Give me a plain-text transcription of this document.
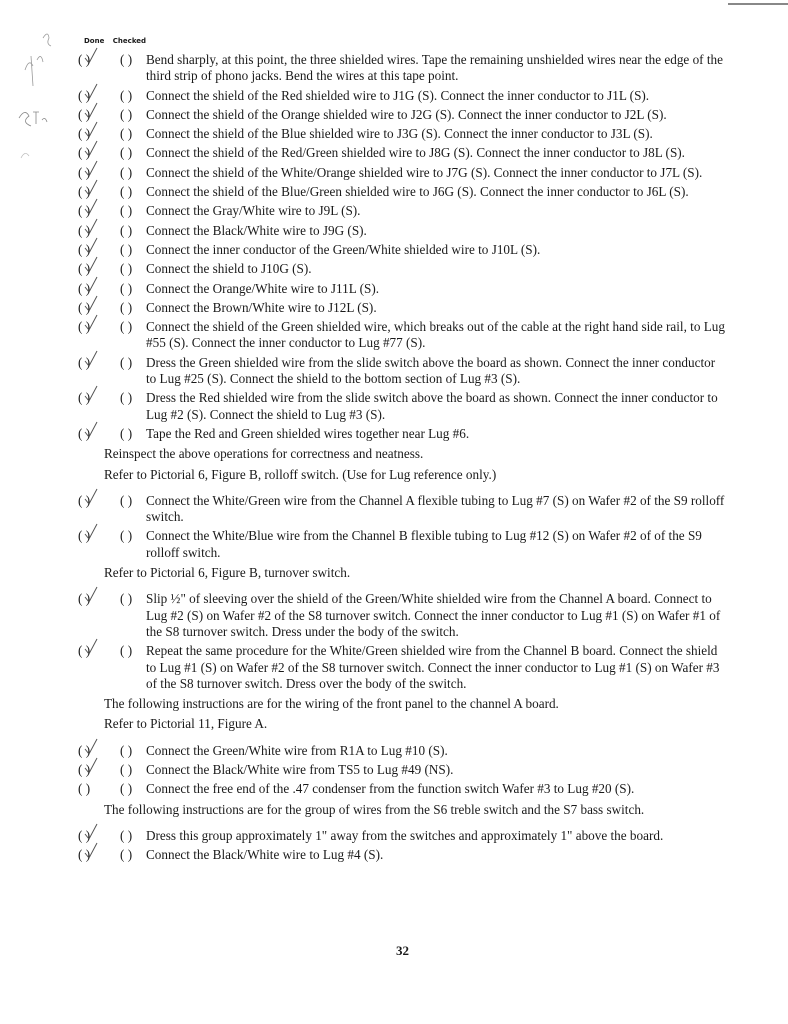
Done Checked
( ) ( ) Bend sharply, at this point, the three shielded wires. Tape the remaining unshielded wires near the edge of the third strip of phono jacks. Bend the wires at this tape point.
( ) ( ) Connect the shield of the Red shielded wire to J1G (S). Connect the inner conductor to J1L (S).
( ) ( ) Connect the shield of the Orange shielded wire to J2G (S). Connect the inner conductor to J2L (S).
( ) ( ) Connect the shield of the Blue shielded wire to J3G (S). Connect the inner conductor to J3L (S).
( ) ( ) Connect the shield of the Red/Green shielded wire to J8G (S). Connect the inner conductor to J8L (S).
( ) ( ) Connect the shield of the White/Orange shielded wire to J7G (S). Connect the inner conductor to J7L (S).
( ) ( ) Connect the shield of the Blue/Green shielded wire to J6G (S). Connect the inner conductor to J6L (S).
( ) ( ) Connect the Gray/White wire to J9L (S).
( ) ( ) Connect the Black/White wire to J9G (S).
( ) ( ) Connect the inner conductor of the Green/White shielded wire to J10L (S).
( ) ( ) Connect the shield to J10G (S).
( ) ( ) Connect the Orange/White wire to J11L (S).
( ) ( ) Connect the Brown/White wire to J12L (S).
( ) ( ) Connect the shield of the Green shielded wire, which breaks out of the cable at the right hand side rail, to Lug #55 (S). Connect the inner conductor to Lug #77 (S).
( ) ( ) Dress the Green shielded wire from the slide switch above the board as shown. Connect the inner conductor to Lug #25 (S). Connect the shield to the bottom section of Lug #3 (S).
( ) ( ) Dress the Red shielded wire from the slide switch above the board as shown. Connect the inner conductor to Lug #2 (S). Connect the shield to Lug #3 (S).
( ) ( ) Tape the Red and Green shielded wires together near Lug #6.
Reinspect the above operations for correctness and neatness.
Refer to Pictorial 6, Figure B, rolloff switch. (Use for Lug reference only.)
( ) ( ) Connect the White/Green wire from the Channel A flexible tubing to Lug #7 (S) on Wafer #2 of the S9 rolloff switch.
( ) ( ) Connect the White/Blue wire from the Channel B flexible tubing to Lug #12 (S) on Wafer #2 of of the S9 rolloff switch.
Refer to Pictorial 6, Figure B, turnover switch.
( ) ( ) Slip ½" of sleeving over the shield of the Green/White shielded wire from the Channel A board. Connect to Lug #2 (S) on Wafer #2 of the S8 turnover switch. Connect the inner conductor to Lug #1 (S) on Wafer #1 of the S8 turnover switch. Dress under the body of the switch.
( ) ( ) Repeat the same procedure for the White/Green shielded wire from the Channel B board. Connect the shield to Lug #1 (S) on Wafer #2 of the S8 turnover switch. Connect the inner conductor to Lug #1 (S) on Wafer #3 of the S8 turnover switch. Dress over the body of the switch.
The following instructions are for the wiring of the front panel to the channel A board.
Refer to Pictorial 11, Figure A.
( ) ( ) Connect the Green/White wire from R1A to Lug #10 (S).
( ) ( ) Connect the Black/White wire from TS5 to Lug #49 (NS).
( ) ( ) Connect the free end of the .47 condenser from the function switch Wafer #3 to Lug #20 (S).
The following instructions are for the group of wires from the S6 treble switch and the S7 bass switch.
( ) ( ) Dress this group approximately 1" away from the switches and approximately 1" above the board.
( ) ( ) Connect the Black/White wire to Lug #4 (S).
32
